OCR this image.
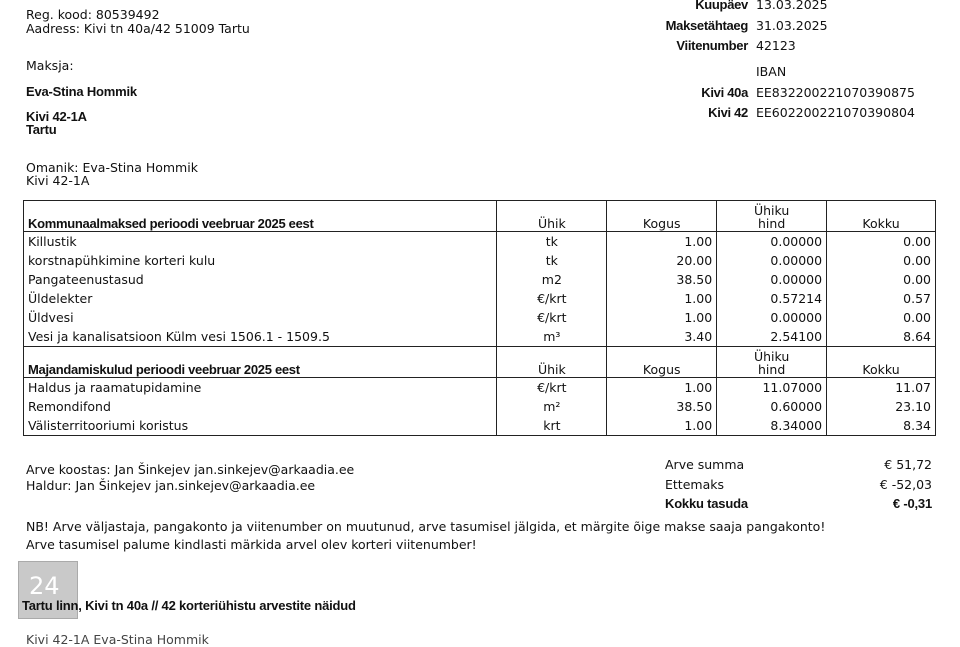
Reg. kood: 80539492
Aadress: Kivi tn 40a/42 51009 Tartu
Maksja:
Eva-Stina Hommik
Kivi 42-1A
Tartu
Omanik: Eva-Stina Hommik
Kivi 42-1A
Kuupäev 13.03.2025
Maksetähtaeg 31.03.2025
Viitenumber 42123
IBAN
Kivi 40a EE832200221070390875
Kivi 42 EE602200221070390804
Kommunaalmaksed perioodi veebruar 2025 eest	Ühik	Kogus	Ühiku
hind	Kokku
Killustik	tk	1.00	0.00000	0.00
korstnapühkimine korteri kulu	tk	20.00	0.00000	0.00
Pangateenustasud	m2	38.50	0.00000	0.00
Üldelekter	€/krt	1.00	0.57214	0.57
Üldvesi	€/krt	1.00	0.00000	0.00
Vesi ja kanalisatsioon Külm vesi 1506.1 - 1509.5	m³	3.40	2.54100	8.64
Majandamiskulud perioodi veebruar 2025 eest	Ühik	Kogus	Ühiku
hind	Kokku
Haldus ja raamatupidamine	€/krt	1.00	11.07000	11.07
Remondifond	m²	38.50	0.60000	23.10
Välisterritooriumi koristus	krt	1.00	8.34000	8.34
Arve koostas: Jan Šinkejev jan.sinkejev@arkaadia.ee
Haldur: Jan Šinkejev jan.sinkejev@arkaadia.ee
Arve summa	€ 51,72
Ettemaks	€ -52,03
Kokku tasuda	€ -0,31
NB! Arve väljastaja, pangakonto ja viitenumber on muutunud, arve tasumisel jälgida, et märgite õige makse saaja pangakonto!
Arve tasumisel palume kindlasti märkida arvel olev korteri viitenumber!
24
Tartu linn, Kivi tn 40a // 42 korteriühistu arvestite näidud
Kivi 42-1A Eva-Stina Hommik
